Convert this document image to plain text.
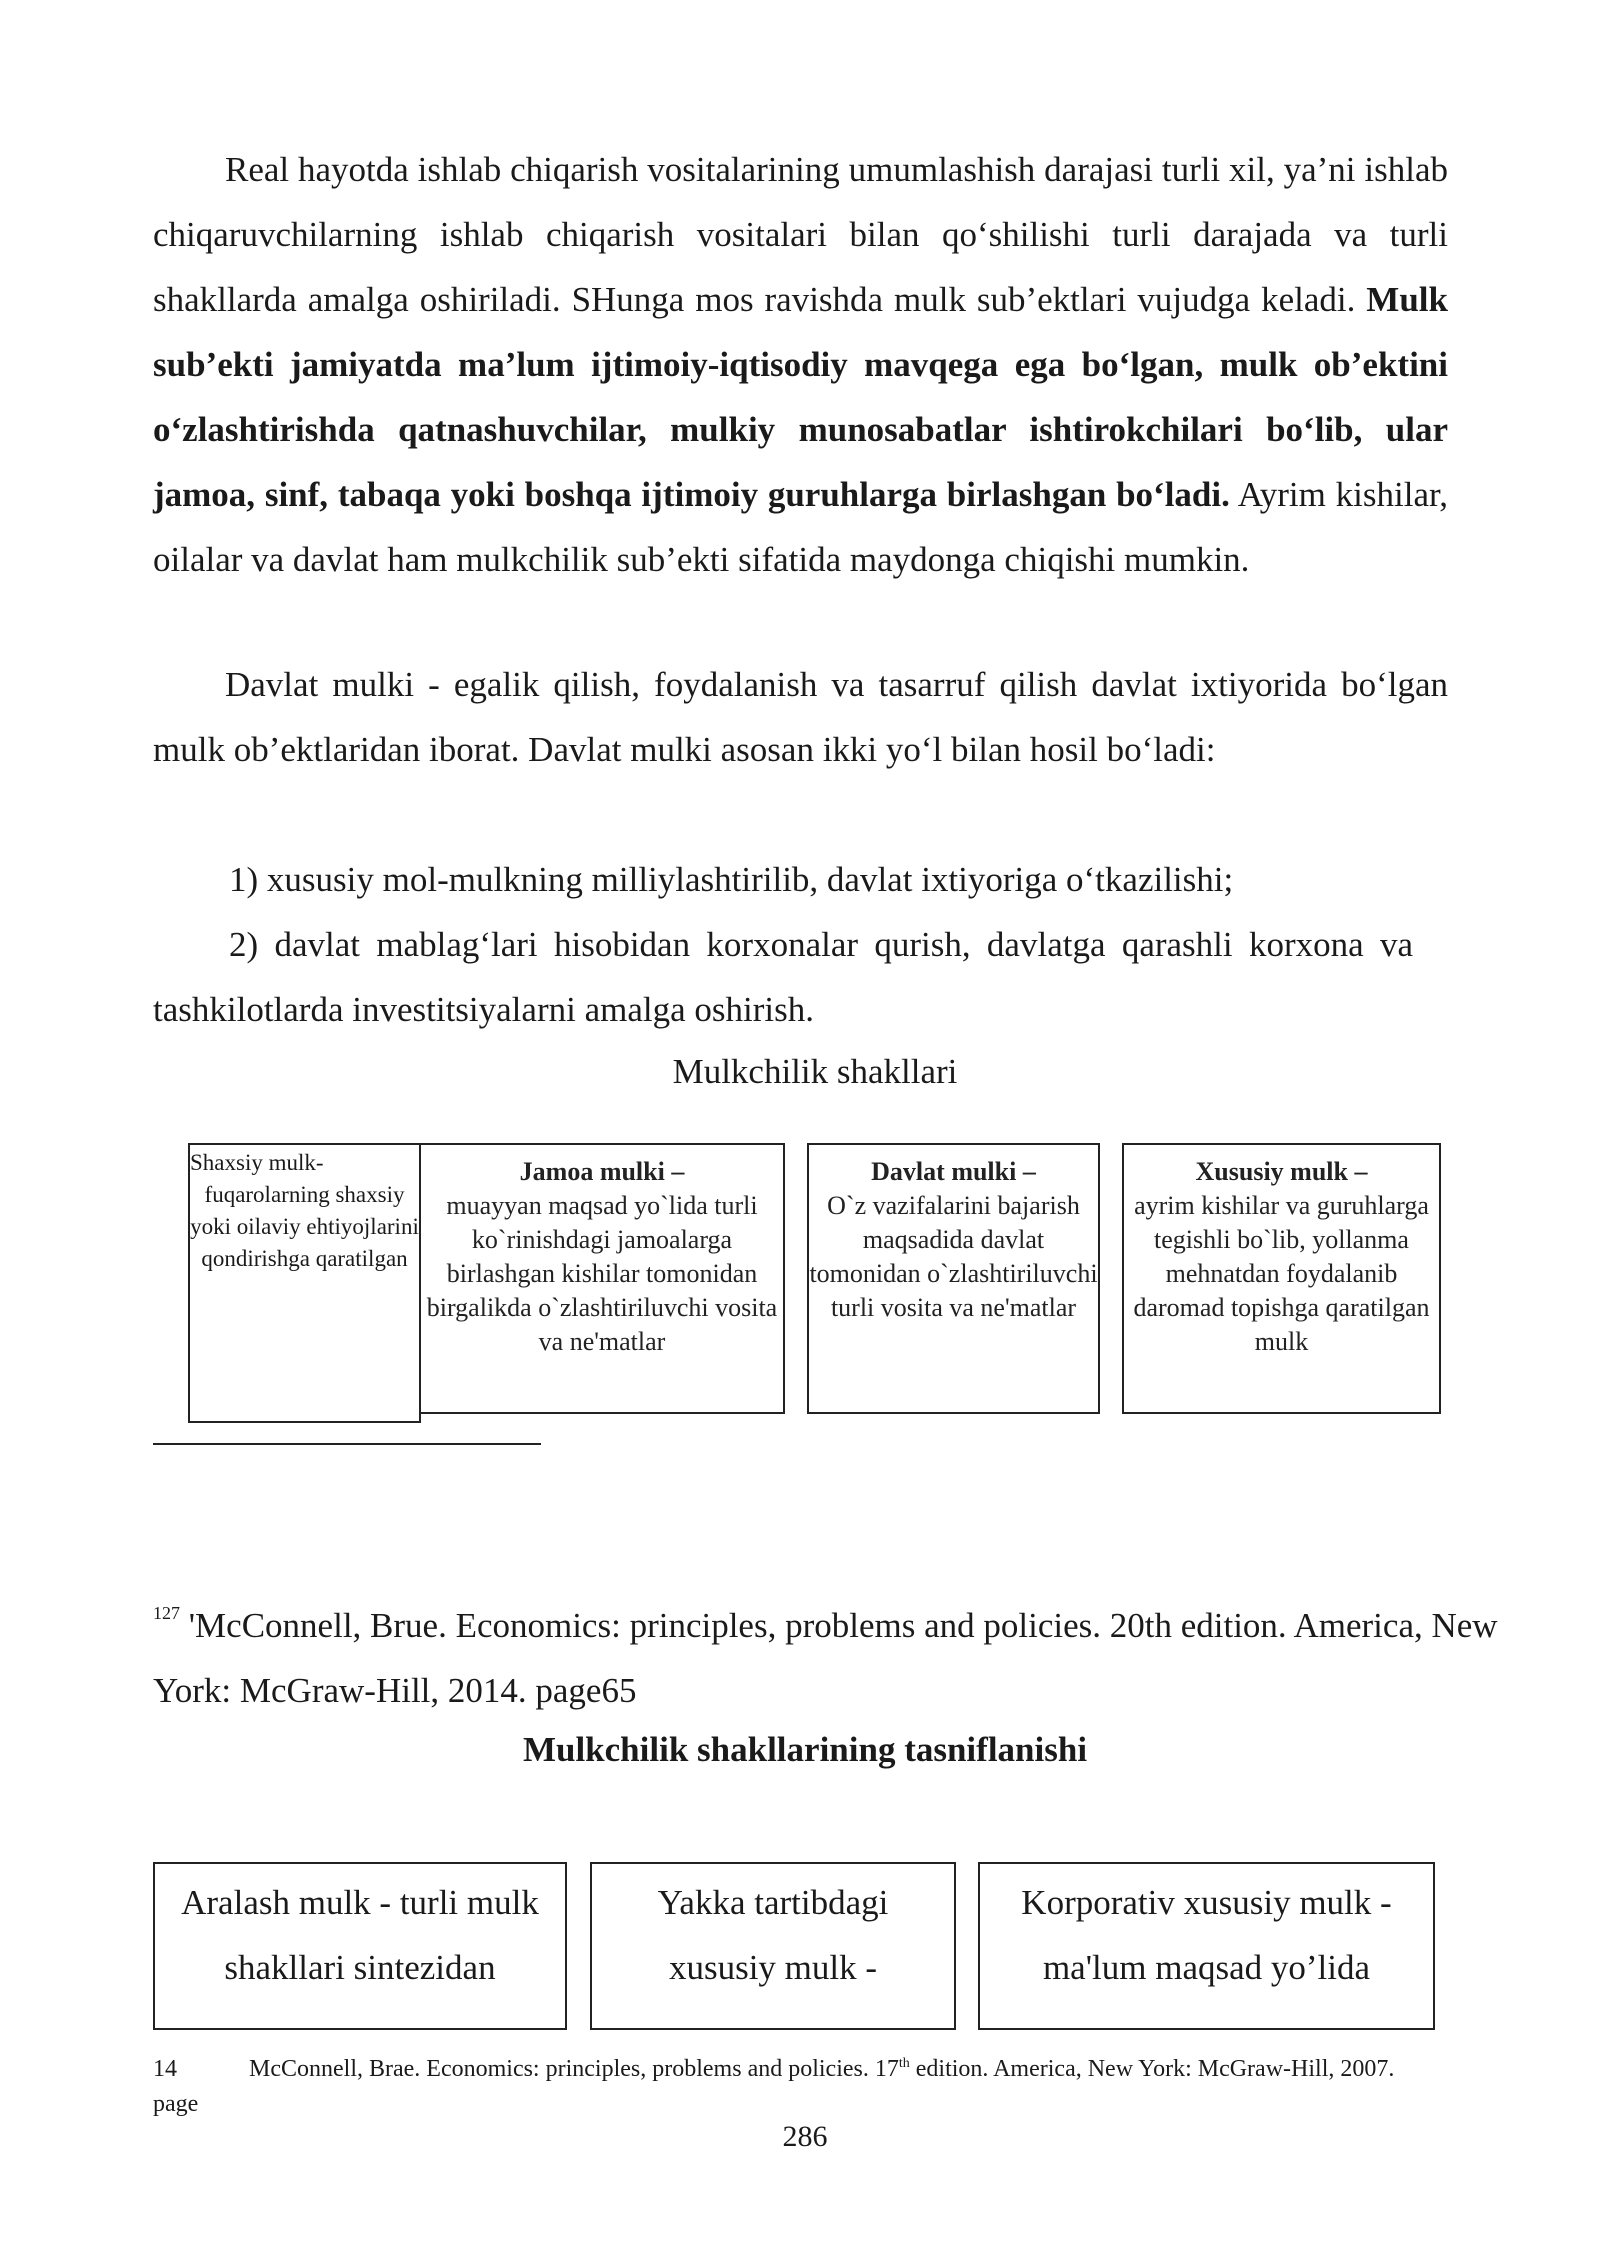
Real hayotda ishlab chiqarish vositalarining umumlashish darajasi turli xil, ya’ni ishlab chiqaruvchilarning ishlab chiqarish vositalari bilan qo‘shilishi turli darajada va turli shakllarda amalga oshiriladi. SHunga mos ravishda mulk sub’ektlari vujudga keladi. Mulk sub’ekti jamiyatda ma’lum ijtimoiy-iqtisodiy mavqega ega bo‘lgan, mulk ob’ektini o‘zlashtirishda qatnashuvchilar, mulkiy munosabatlar ishtirokchilari bo‘lib, ular jamoa, sinf, tabaqa yoki boshqa ijtimoiy guruhlarga birlashgan bo‘ladi. Ayrim kishilar, oilalar va davlat ham mulkchilik sub’ekti sifatida maydonga chiqishi mumkin.

Davlat mulki - egalik qilish, foydalanish va tasarruf qilish davlat ixtiyorida bo‘lgan mulk ob’ektlaridan iborat. Davlat mulki asosan ikki yo‘l bilan hosil bo‘ladi:

1) xususiy mol-mulkning milliylashtirilib, davlat ixtiyoriga o‘tkazilishi;

2) davlat mablag‘lari hisobidan korxonalar qurish, davlatga qarashli korxona va tashkilotlarda investitsiyalarni amalga oshirish.

Mulkchilik shakllari
Shaxsiy mulk-
fuqarolarning shaxsiy yoki oilaviy ehtiyojlarini qondirishga qaratilgan
Jamoa mulki –
muayyan maqsad yo`lida turli ko`rinishdagi jamoalarga birlashgan kishilar tomonidan birgalikda o`zlashtiriluvchi vosita va ne'matlar
Davlat mulki –
O`z vazifalarini bajarish maqsadida davlat tomonidan o`zlashtiriluvchi turli vosita va ne'matlar
Xususiy mulk –
ayrim kishilar va guruhlarga tegishli bo`lib, yollanma mehnatdan foydalanib daromad topishga qaratilgan mulk

$^{127}$ 'McConnell, Brue. Economics: principles, problems and policies. 20th edition. America, New York: McGraw-Hill, 2014. page65

Mulkchilik shakllarining tasniflanishi
Aralash mulk - turli mulk shakllari sintezidan
Yakka tartibdagi xususiy mulk -
Korporativ xususiy mulk - ma'lum maqsad yo’lida

14	McConnell, Brae. Economics: principles, problems and policies. 17th edition. America, New York: McGraw-Hill, 2007. page

286
